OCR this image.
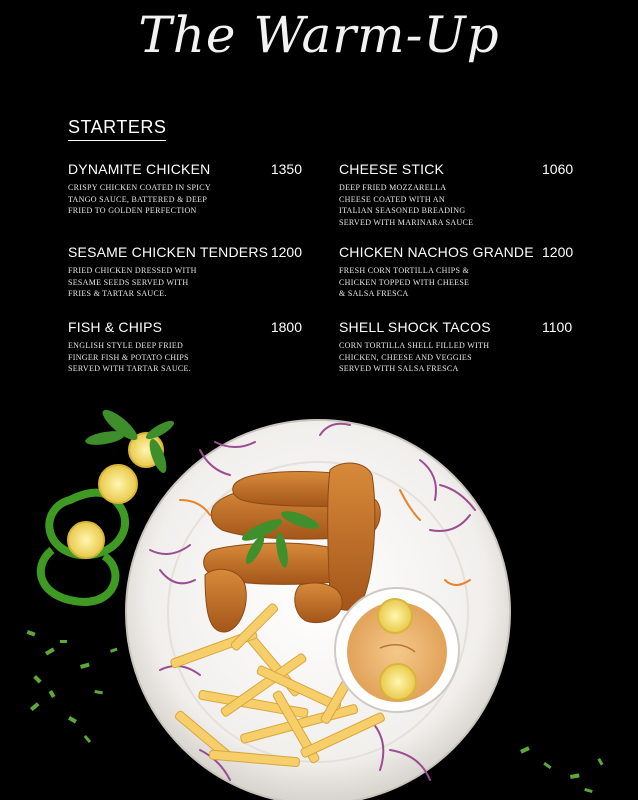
The Warm-Up
STARTERS
DYNAMITE CHICKEN
CRISPY CHICKEN COATED IN SPICY
TANGO SAUCE, BATTERED & DEEP
FRIED TO GOLDEN PERFECTION
1350
SESAME CHICKEN TENDERS
FRIED CHICKEN DRESSED WITH
SESAME SEEDS SERVED WITH
FRIES & TARTAR SAUCE.
1200
FISH & CHIPS
ENGLISH STYLE DEEP FRIED
FINGER FISH & POTATO CHIPS
SERVED WITH TARTAR SAUCE.
1800
CHEESE STICK
DEEP FRIED MOZZARELLA
CHEESE COATED WITH AN
ITALIAN SEASONED BREADING
SERVED WITH MARINARA SAUCE
1060
CHICKEN NACHOS GRANDE
FRESH CORN TORTILLA CHIPS &
CHICKEN TOPPED WITH CHEESE
& SALSA FRESCA
1200
SHELL SHOCK TACOS
CORN TORTILLA SHELL FILLED WITH
CHICKEN, CHEESE AND VEGGIES
SERVED WITH SALSA FRESCA
1100
